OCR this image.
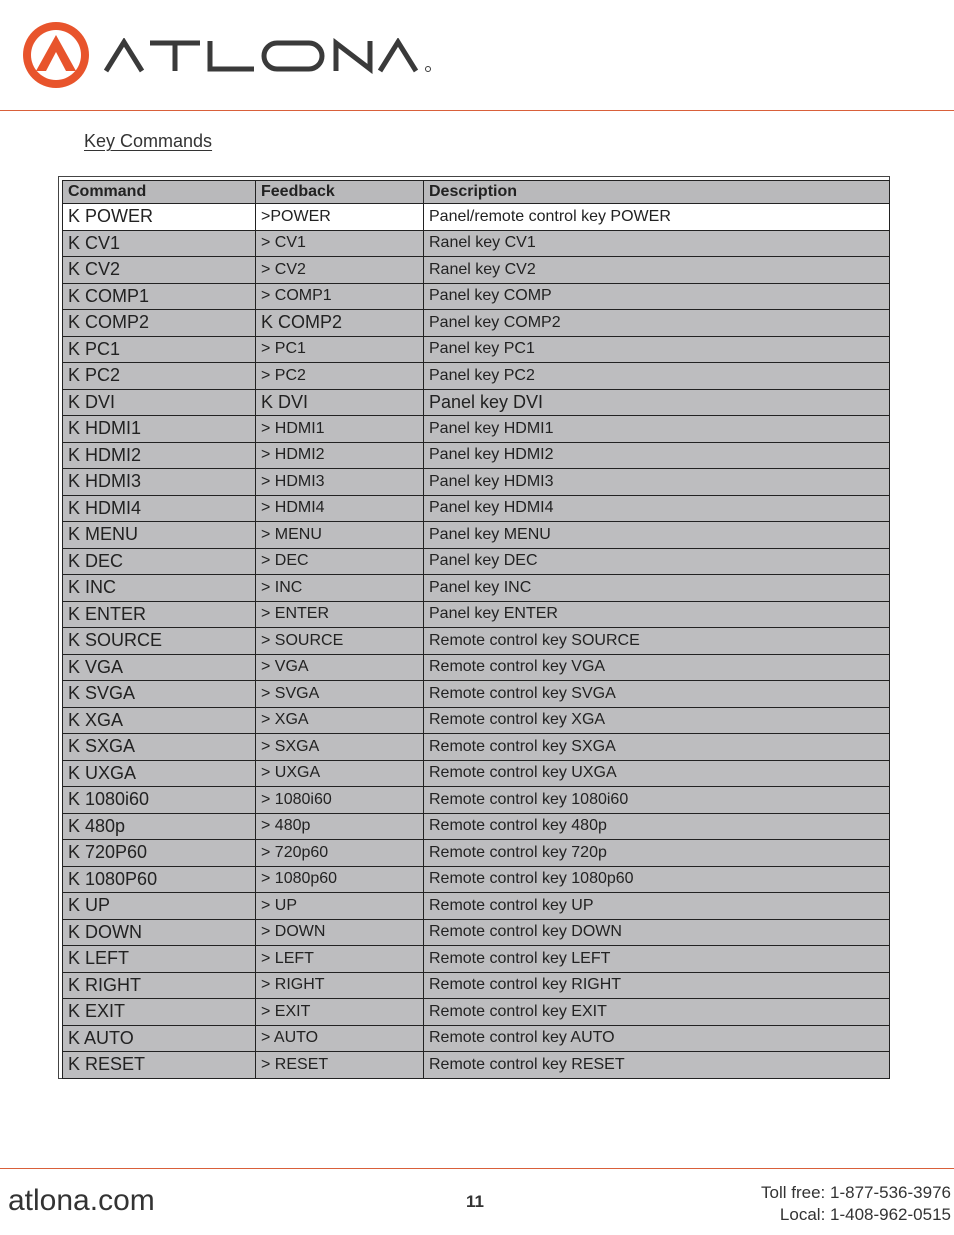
Key Commands
Command	Feedback	Description
K POWER	>POWER	Panel/remote control key POWER
K CV1	> CV1	Ranel key CV1
K CV2	> CV2	Ranel key CV2
K COMP1	> COMP1	Panel key COMP
K COMP2	K COMP2	Panel key COMP2
K PC1	> PC1	Panel key PC1
K PC2	> PC2	Panel key PC2
K DVI	K DVI	Panel key DVI
K HDMI1	> HDMI1	Panel key HDMI1
K HDMI2	> HDMI2	Panel key HDMI2
K HDMI3	> HDMI3	Panel key HDMI3
K HDMI4	> HDMI4	Panel key HDMI4
K MENU	> MENU	Panel key MENU
K DEC	> DEC	Panel key DEC
K INC	> INC	Panel key INC
K ENTER	> ENTER	Panel key ENTER
K SOURCE	> SOURCE	Remote control key SOURCE
K VGA	> VGA	Remote control key VGA
K SVGA	> SVGA	Remote control key SVGA
K XGA	> XGA	Remote control key XGA
K SXGA	> SXGA	Remote control key SXGA
K UXGA	> UXGA	Remote control key UXGA
K 1080i60	> 1080i60	Remote control key 1080i60
K 480p	> 480p	Remote control key 480p
K 720P60	> 720p60	Remote control key 720p
K 1080P60	> 1080p60	Remote control key 1080p60
K UP	> UP	Remote control key UP
K DOWN	> DOWN	Remote control key DOWN
K LEFT	> LEFT	Remote control key LEFT
K RIGHT	> RIGHT	Remote control key RIGHT
K EXIT	> EXIT	Remote control key EXIT
K AUTO	> AUTO	Remote control key AUTO
K RESET	> RESET	Remote control key RESET
atlona.com	11	Toll free: 1-877-536-3976
Local: 1-408-962-0515
